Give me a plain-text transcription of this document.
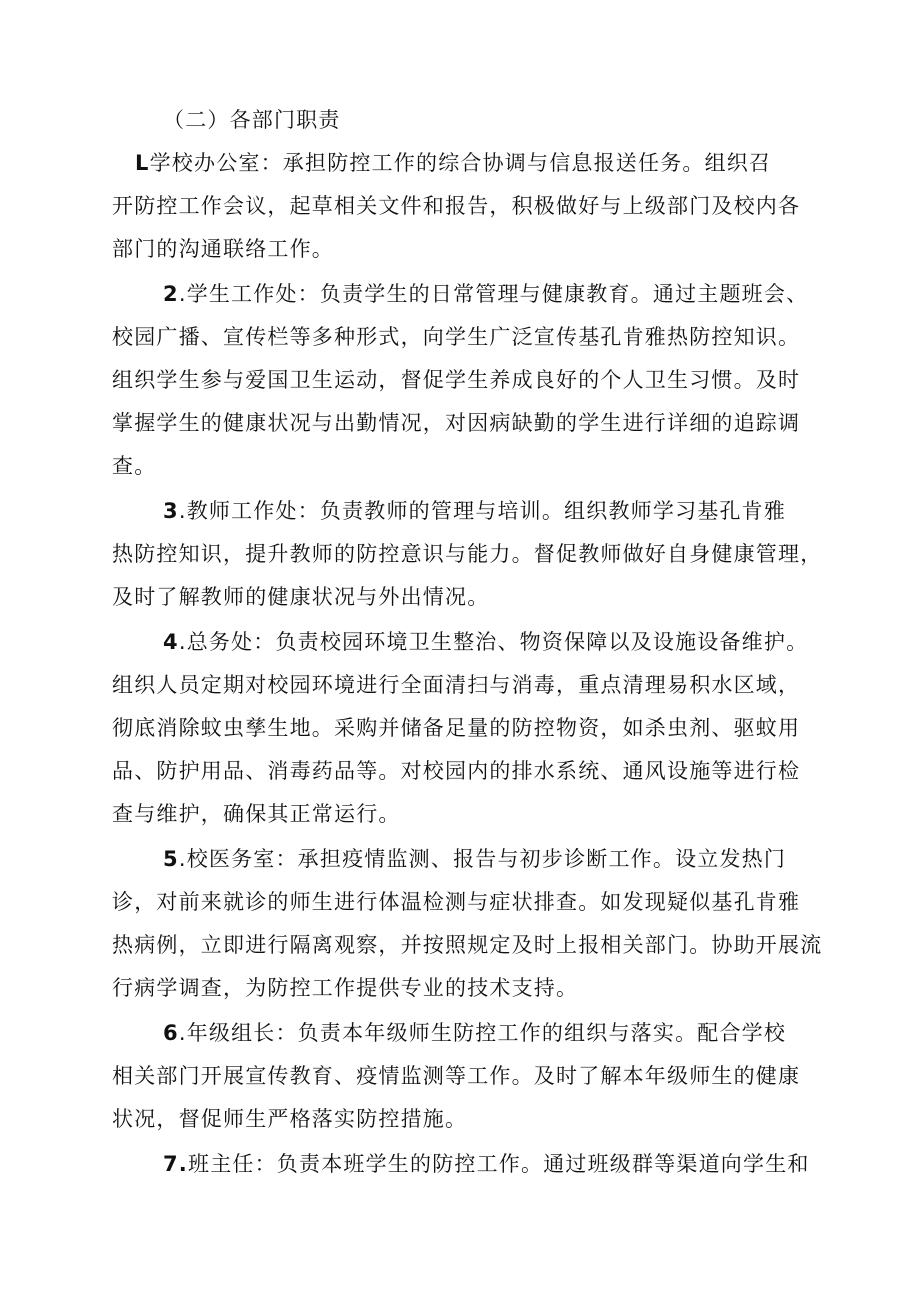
（二）各部门职责
L学校办公室：承担防控工作的综合协调与信息报送任务。组织召
开防控工作会议，起草相关文件和报告，积极做好与上级部门及校内各
部门的沟通联络工作。
2.学生工作处：负责学生的日常管理与健康教育。通过主题班会、
校园广播、宣传栏等多种形式，向学生广泛宣传基孔肯雅热防控知识。
组织学生参与爱国卫生运动，督促学生养成良好的个人卫生习惯。及时
掌握学生的健康状况与出勤情况，对因病缺勤的学生进行详细的追踪调
查。
3.教师工作处：负责教师的管理与培训。组织教师学习基孔肯雅
热防控知识，提升教师的防控意识与能力。督促教师做好自身健康管理，
及时了解教师的健康状况与外出情况。
4.总务处：负责校园环境卫生整治、物资保障以及设施设备维护。
组织人员定期对校园环境进行全面清扫与消毒，重点清理易积水区域，
彻底消除蚊虫孳生地。采购并储备足量的防控物资，如杀虫剂、驱蚊用
品、防护用品、消毒药品等。对校园内的排水系统、通风设施等进行检
查与维护，确保其正常运行。
5.校医务室：承担疫情监测、报告与初步诊断工作。设立发热门
诊，对前来就诊的师生进行体温检测与症状排查。如发现疑似基孔肯雅
热病例，立即进行隔离观察，并按照规定及时上报相关部门。协助开展流
行病学调查，为防控工作提供专业的技术支持。
6.年级组长：负责本年级师生防控工作的组织与落实。配合学校
相关部门开展宣传教育、疫情监测等工作。及时了解本年级师生的健康
状况，督促师生严格落实防控措施。
7.班主任：负责本班学生的防控工作。通过班级群等渠道向学生和
